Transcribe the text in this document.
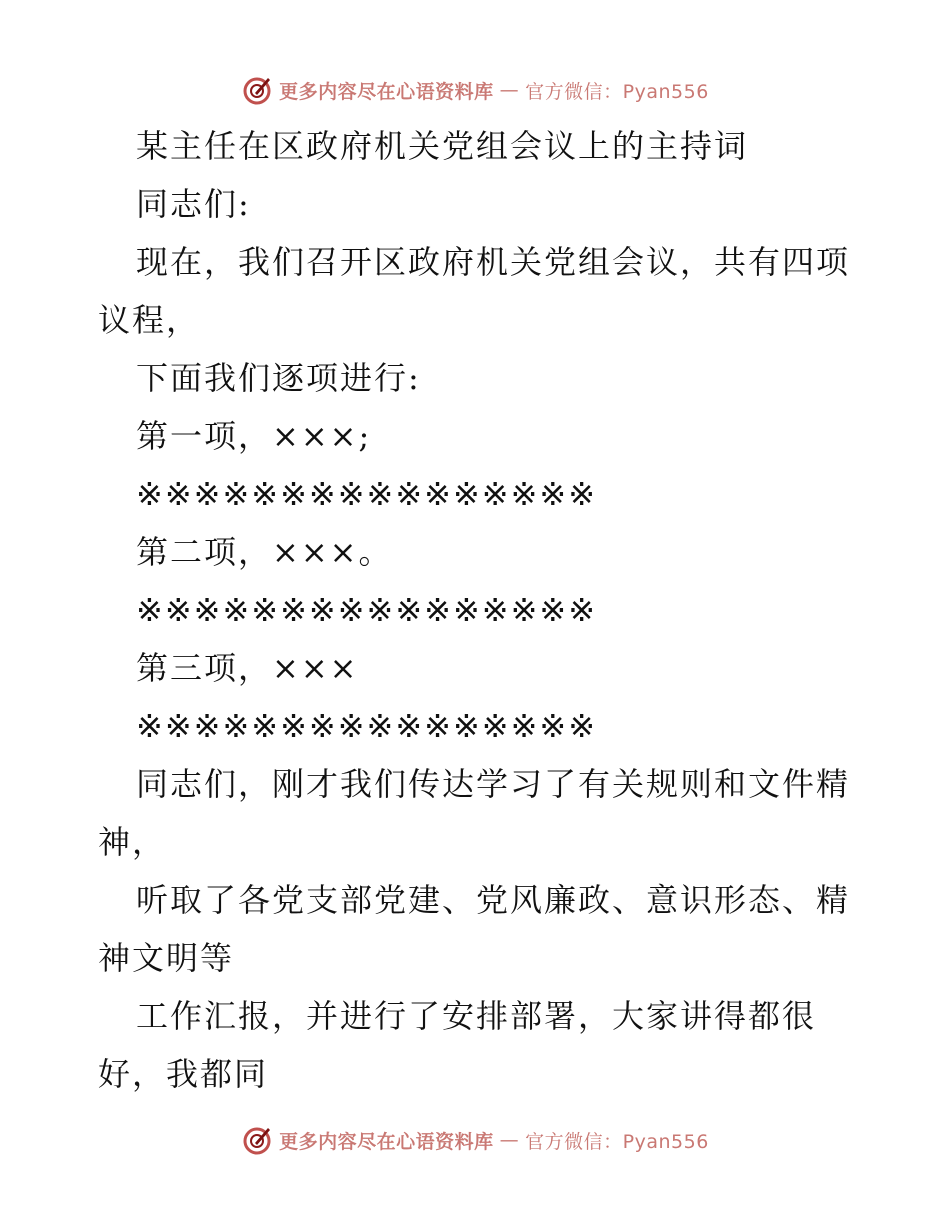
更多内容尽在心语资料库 — 官方微信：Pyan556
某主任在区政府机关党组会议上的主持词
同志们:
现在，我们召开区政府机关党组会议，共有四项
议程，
下面我们逐项进行:
第一项，×××;
※※※※※※※※※※※※※※※※
第二项，×××。
※※※※※※※※※※※※※※※※
第三项，×××
※※※※※※※※※※※※※※※※
同志们，刚才我们传达学习了有关规则和文件精
神，
听取了各党支部党建、党风廉政、意识形态、精
神文明等
工作汇报，并进行了安排部署，大家讲得都很
好，我都同
更多内容尽在心语资料库 — 官方微信：Pyan556
